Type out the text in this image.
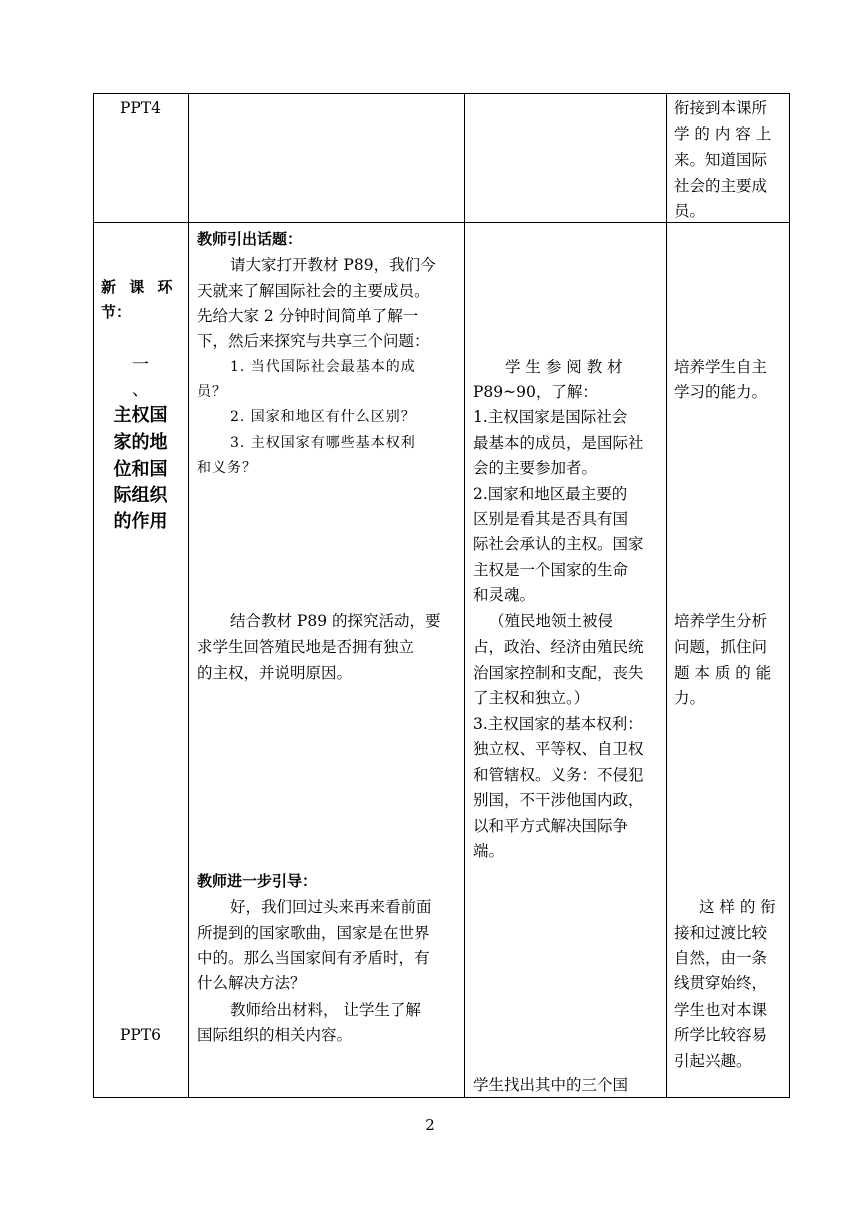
PPT4	衔接到本课所
学 的 内 容 上
来。知道国际
社会的主要成
员。
新 课 环
节：
一
、
主权国
家的地
位和国
际组织
的作用
PPT6
教师引出话题：
请大家打开教材 P89，我们今
天就来了解国际社会的主要成员。
先给大家 2 分钟时间简单了解一
下，然后来探究与共享三个问题：
1. 当代国际社会最基本的成
员？
2. 国家和地区有什么区别？
3. 主权国家有哪些基本权利
和义务？
结合教材 P89 的探究活动，要
求学生回答殖民地是否拥有独立
的主权，并说明原因。
教师进一步引导：
好，我们回过头来再来看前面
所提到的国家歌曲，国家是在世界
中的。那么当国家间有矛盾时，有
什么解决方法？
教师给出材料， 让学生了解
国际组织的相关内容。
学 生 参 阅 教 材
P89~90，了解：
1.主权国家是国际社会
最基本的成员，是国际社
会的主要参加者。
2.国家和地区最主要的
区别是看其是否具有国
际社会承认的主权。国家
主权是一个国家的生命
和灵魂。
（殖民地领土被侵
占，政治、经济由殖民统
治国家控制和支配，丧失
了主权和独立。）
3.主权国家的基本权利：
独立权、平等权、自卫权
和管辖权。义务：不侵犯
别国，不干涉他国内政，
以和平方式解决国际争
端。
学生找出其中的三个国
培养学生自主
学习的能力。
培养学生分析
问题，抓住问
题 本 质 的 能
力。
这 样 的 衔
接和过渡比较
自然，由一条
线贯穿始终，
学生也对本课
所学比较容易
引起兴趣。
2
